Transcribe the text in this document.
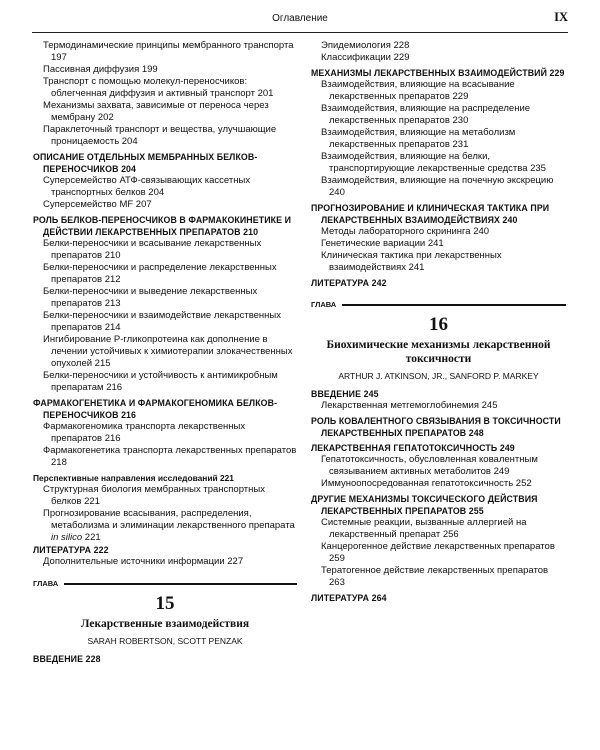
Оглавление	IX

Термодинамические принципы мембранного транспорта 197

Пассивная диффузия 199

Транспорт с помощью молекул-переносчиков: облегченная диффузия и активный транспорт 201

Механизмы захвата, зависимые от переноса через мембрану 202

Параклеточный транспорт и вещества, улучшающие проницаемость 204

ОПИСАНИЕ ОТДЕЛЬНЫХ МЕМБРАННЫХ БЕЛКОВ-ПЕРЕНОСЧИКОВ 204

Суперсемейство АТФ-связывающих кассетных транспортных белков 204

Суперсемейство MF 207

РОЛЬ БЕЛКОВ-ПЕРЕНОСЧИКОВ В ФАРМАКОКИНЕТИКЕ И ДЕЙСТВИИ ЛЕКАРСТВЕННЫХ ПРЕПАРАТОВ 210

Белки-переносчики и всасывание лекарственных препаратов 210

Белки-переносчики и распределение лекарственных препаратов 212

Белки-переносчики и выведение лекарственных препаратов 213

Белки-переносчики и взаимодействие лекарственных препаратов 214

Ингибирование P-гликопротеина как дополнение в лечении устойчивых к химиотерапии злокачественных опухолей 215

Белки-переносчики и устойчивость к антимикробным препаратам 216

ФАРМАКОГЕНЕТИКА И ФАРМАКОГЕНОМИКА БЕЛКОВ-ПЕРЕНОСЧИКОВ 216

Фармакогеномика транспорта лекарственных препаратов 216

Фармакогенетика транспорта лекарственных препаратов 218

Перспективные направления исследований 221

Структурная биология мембранных транспортных белков 221

Прогнозирование всасывания, распределения, метаболизма и элиминации лекарственного препарата in silico 221

ЛИТЕРАТУРА 222

Дополнительные источники информации 227

ГЛАВА
15
Лекарственные взаимодействия
SARAH ROBERTSON, SCOTT PENZAK

ВВЕДЕНИЕ 228

Эпидемиология 228

Классификации 229

МЕХАНИЗМЫ ЛЕКАРСТВЕННЫХ ВЗАИМОДЕЙСТВИЙ 229

Взаимодействия, влияющие на всасывание лекарственных препаратов 229

Взаимодействия, влияющие на распределение лекарственных препаратов 230

Взаимодействия, влияющие на метаболизм лекарственных препаратов 231

Взаимодействия, влияющие на белки, транспортирующие лекарственные средства 235

Взаимодействия, влияющие на почечную экскрецию 240

ПРОГНОЗИРОВАНИЕ И КЛИНИЧЕСКАЯ ТАКТИКА ПРИ ЛЕКАРСТВЕННЫХ ВЗАИМОДЕЙСТВИЯХ 240

Методы лабораторного скрининга 240

Генетические вариации 241

Клиническая тактика при лекарственных взаимодействиях 241

ЛИТЕРАТУРА 242

ГЛАВА
16
Биохимические механизмы лекарственной токсичности
ARTHUR J. ATKINSON, JR., SANFORD P. MARKEY

ВВЕДЕНИЕ 245

Лекарственная метгемоглобинемия 245

РОЛЬ КОВАЛЕНТНОГО СВЯЗЫВАНИЯ В ТОКСИЧНОСТИ ЛЕКАРСТВЕННЫХ ПРЕПАРАТОВ 248

ЛЕКАРСТВЕННАЯ ГЕПАТОТОКСИЧНОСТЬ 249

Гепатотоксичность, обусловленная ковалентным связыванием активных метаболитов 249

Иммуноопосредованная гепатотоксичность 252

ДРУГИЕ МЕХАНИЗМЫ ТОКСИЧЕСКОГО ДЕЙСТВИЯ ЛЕКАРСТВЕННЫХ ПРЕПАРАТОВ 255

Системные реакции, вызванные аллергией на лекарственный препарат 256

Канцерогенное действие лекарственных препаратов 259

Тератогенное действие лекарственных препаратов 263

ЛИТЕРАТУРА 264
